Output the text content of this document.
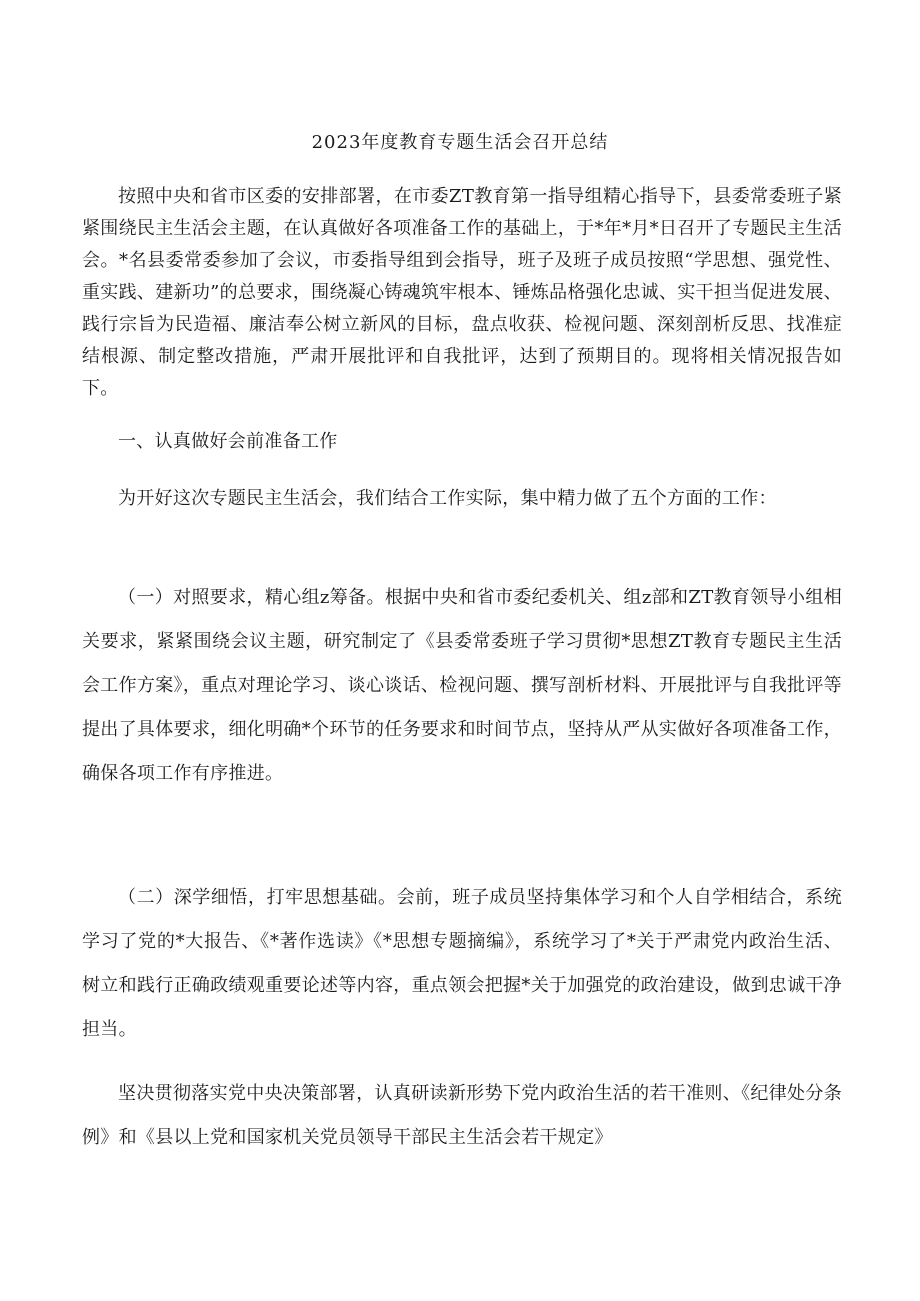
2023年度教育专题生活会召开总结
按照中央和省市区委的安排部署，在市委ZT教育第一指导组精心指导下，县委常委班子紧紧围绕民主生活会主题，在认真做好各项准备工作的基础上，于*年*月*日召开了专题民主生活会。*名县委常委参加了会议，市委指导组到会指导，班子及班子成员按照“学思想、强党性、重实践、建新功”的总要求，围绕凝心铸魂筑牢根本、锤炼品格强化忠诚、实干担当促进发展、践行宗旨为民造福、廉洁奉公树立新风的目标，盘点收获、检视问题、深刻剖析反思、找准症结根源、制定整改措施，严肃开展批评和自我批评，达到了预期目的。现将相关情况报告如下。
一、认真做好会前准备工作
为开好这次专题民主生活会，我们结合工作实际，集中精力做了五个方面的工作：
（一）对照要求，精心组z筹备。根据中央和省市委纪委机关、组z部和ZT教育领导小组相关要求，紧紧围绕会议主题，研究制定了《县委常委班子学习贯彻*思想ZT教育专题民主生活会工作方案》，重点对理论学习、谈心谈话、检视问题、撰写剖析材料、开展批评与自我批评等提出了具体要求，细化明确*个环节的任务要求和时间节点，坚持从严从实做好各项准备工作，确保各项工作有序推进。
（二）深学细悟，打牢思想基础。会前，班子成员坚持集体学习和个人自学相结合，系统学习了党的*大报告、《*著作选读》《*思想专题摘编》，系统学习了*关于严肃党内政治生活、树立和践行正确政绩观重要论述等内容，重点领会把握*关于加强党的政治建设，做到忠诚干净担当。
坚决贯彻落实党中央决策部署，认真研读新形势下党内政治生活的若干准则、《纪律处分条例》和《县以上党和国家机关党员领导干部民主生活会若干规定》
